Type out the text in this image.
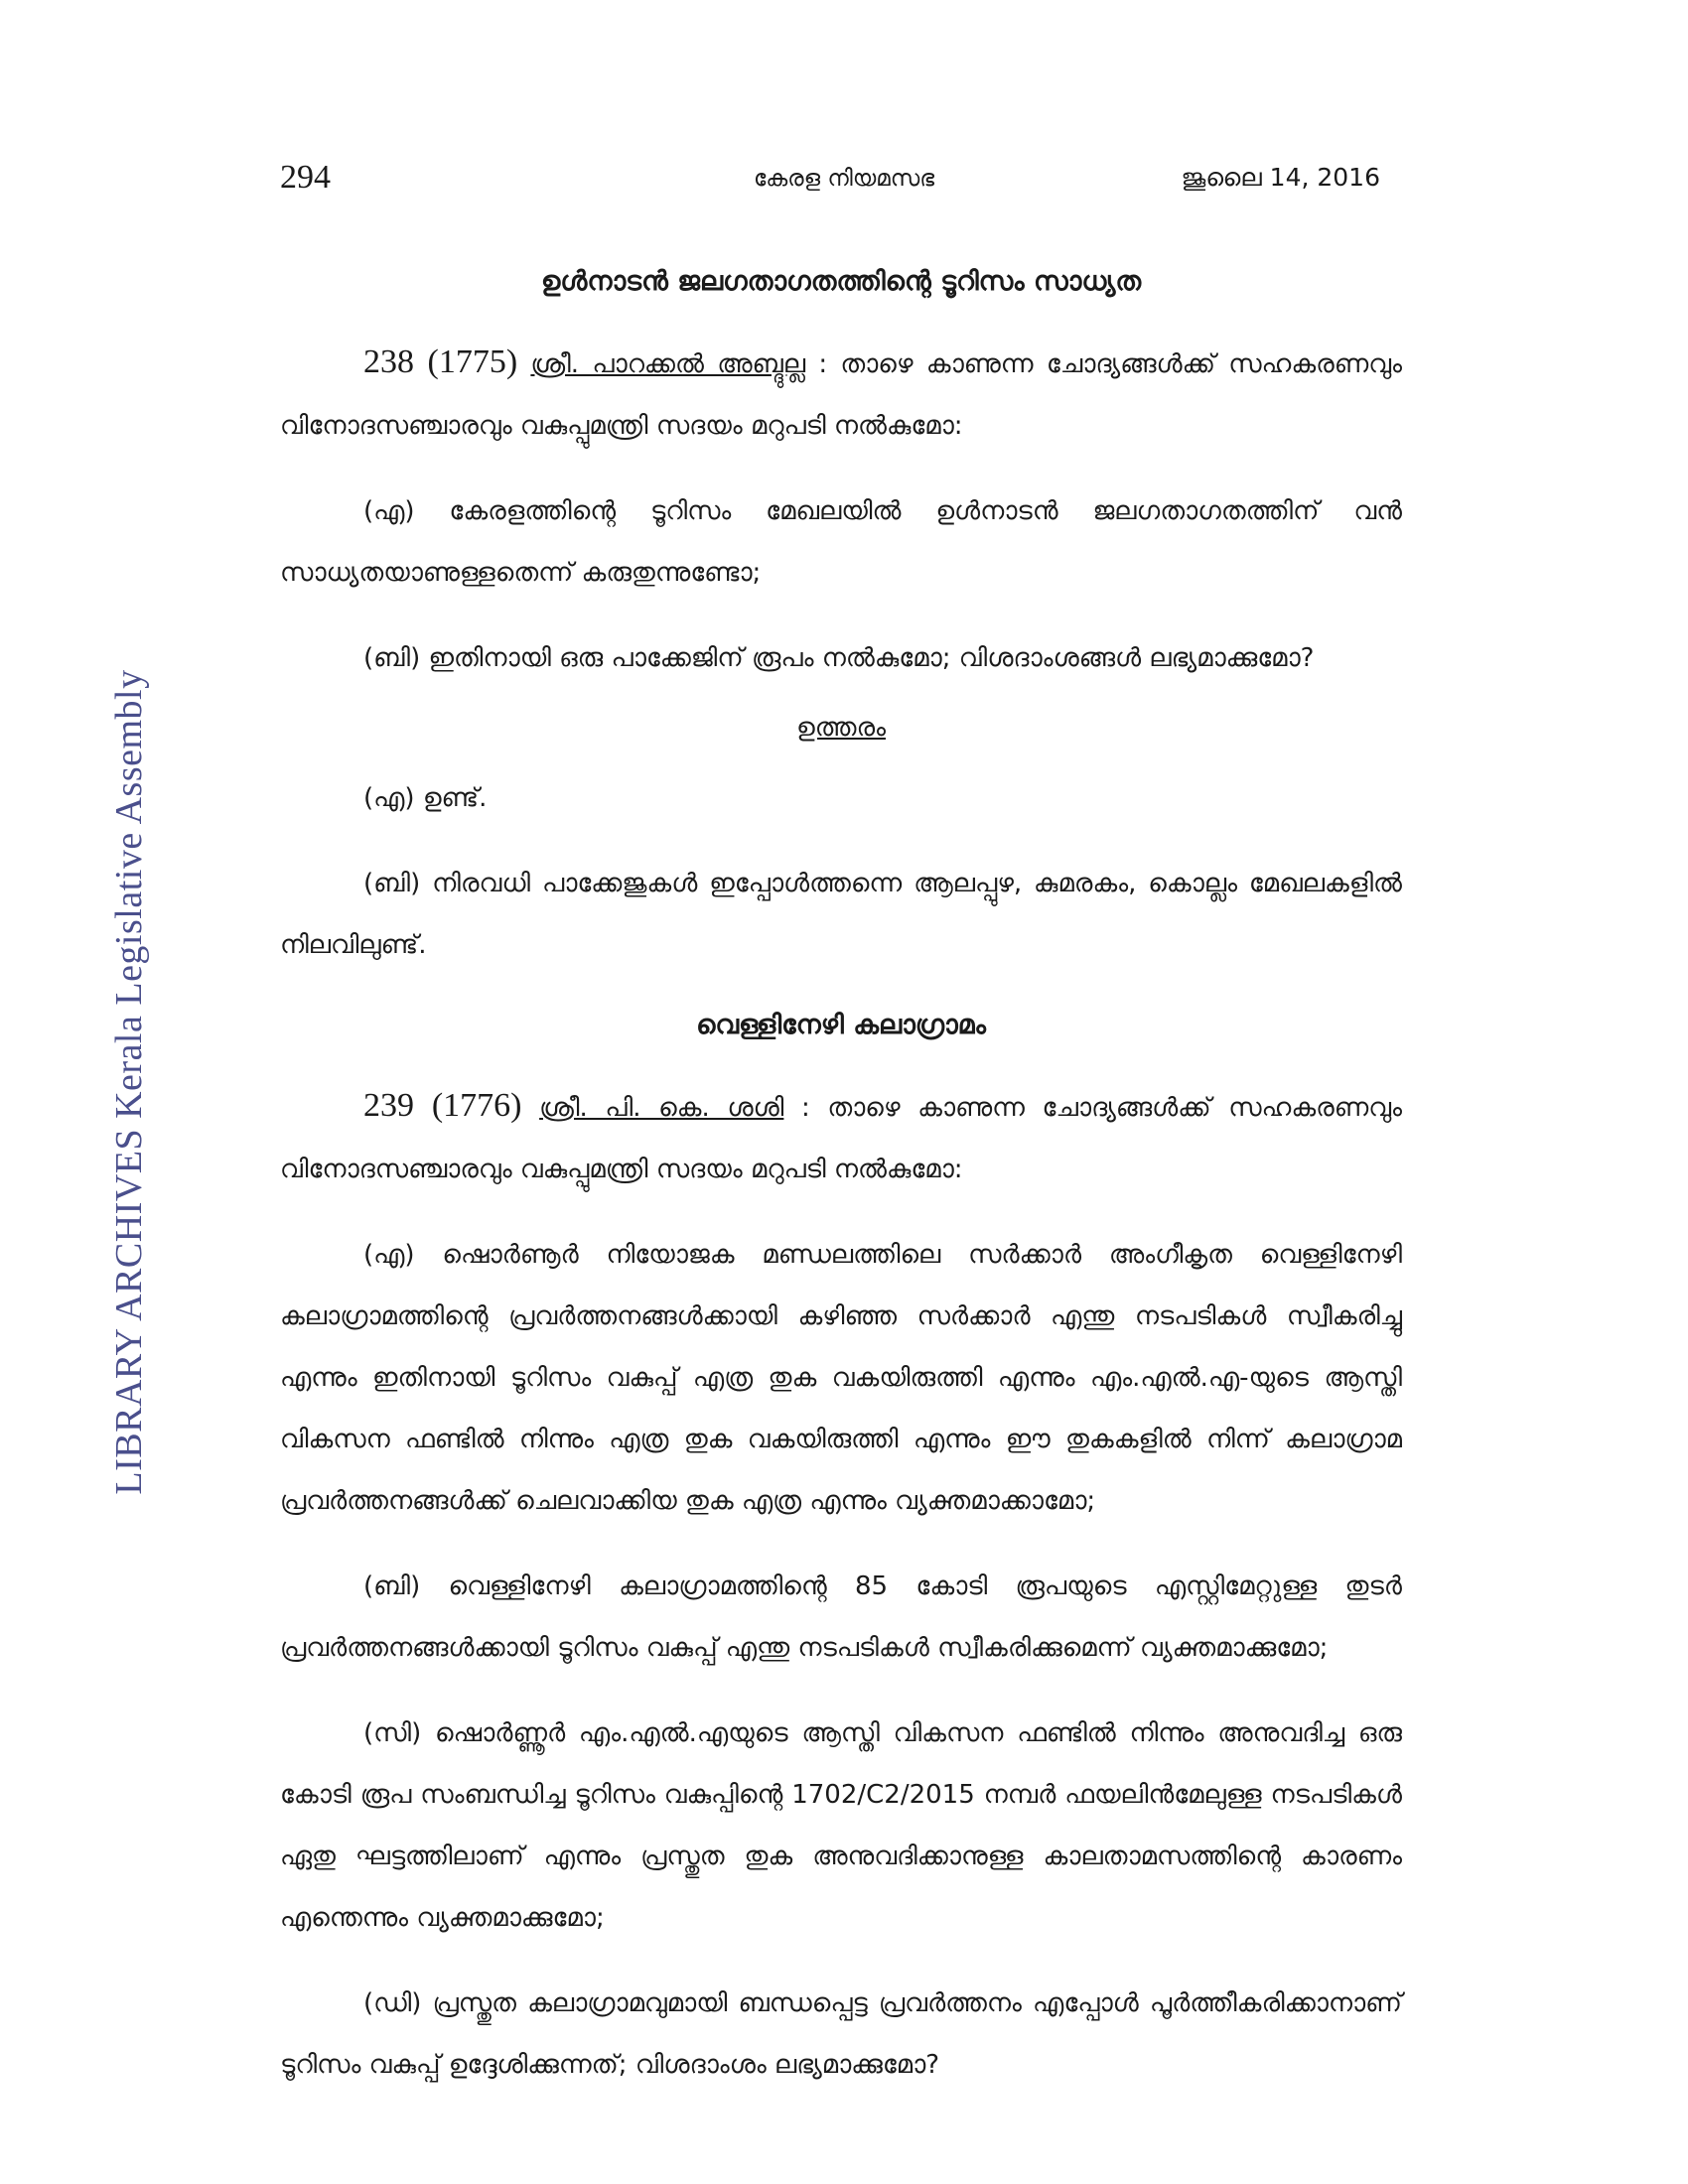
294	കേരള നിയമസഭ	ജൂലൈ 14, 2016
LIBRARY ARCHIVES Kerala Legislative Assembly

ഉൾനാടൻ ജലഗതാഗതത്തിന്റെ ടൂറിസം സാധ്യത

238 (1775) ശ്രീ. പാറക്കൽ അബ്ദുല്ല : താഴെ കാണുന്ന ചോദ്യങ്ങൾക്ക് സഹകരണവും വിനോദസഞ്ചാരവും വകുപ്പുമന്ത്രി സദയം മറുപടി നൽകുമോ:

(എ) കേരളത്തിന്റെ ടൂറിസം മേഖലയിൽ ഉൾനാടൻ ജലഗതാഗതത്തിന് വൻ സാധ്യതയാണുള്ളതെന്ന് കരുതുന്നുണ്ടോ;

(ബി) ഇതിനായി ഒരു പാക്കേജിന് രൂപം നൽകുമോ; വിശദാംശങ്ങൾ ലഭ്യമാക്കുമോ?

ഉത്തരം

(എ) ഉണ്ട്.

(ബി) നിരവധി പാക്കേജുകൾ ഇപ്പോൾത്തന്നെ ആലപ്പുഴ, കുമരകം, കൊല്ലം മേഖലകളിൽ നിലവിലുണ്ട്.

വെള്ളിനേഴി കലാഗ്രാമം

239 (1776) ശ്രീ. പി. കെ. ശശി : താഴെ കാണുന്ന ചോദ്യങ്ങൾക്ക് സഹകരണവും വിനോദസഞ്ചാരവും വകുപ്പുമന്ത്രി സദയം മറുപടി നൽകുമോ:

(എ) ഷൊർണൂർ നിയോജക മണ്ഡലത്തിലെ സർക്കാർ അംഗീകൃത വെള്ളിനേഴി കലാഗ്രാമത്തിന്റെ പ്രവർത്തനങ്ങൾക്കായി കഴിഞ്ഞ സർക്കാർ എന്തു നടപടികൾ സ്വീകരിച്ചു എന്നും ഇതിനായി ടൂറിസം വകുപ്പ് എത്ര തുക വകയിരുത്തി എന്നും എം.എൽ.എ-യുടെ ആസ്തി വികസന ഫണ്ടിൽ നിന്നും എത്ര തുക വകയിരുത്തി എന്നും ഈ തുകകളിൽ നിന്ന് കലാഗ്രാമ പ്രവർത്തനങ്ങൾക്ക് ചെലവാക്കിയ തുക എത്ര എന്നും വ്യക്തമാക്കാമോ;

(ബി) വെള്ളിനേഴി കലാഗ്രാമത്തിന്റെ 85 കോടി രൂപയുടെ എസ്റ്റിമേറ്റുള്ള തുടർ പ്രവർത്തനങ്ങൾക്കായി ടൂറിസം വകുപ്പ് എന്തു നടപടികൾ സ്വീകരിക്കുമെന്ന് വ്യക്തമാക്കുമോ;

(സി) ഷൊർണ്ണൂർ എം.എൽ.എയുടെ ആസ്തി വികസന ഫണ്ടിൽ നിന്നും അനുവദിച്ച ഒരു കോടി രൂപ സംബന്ധിച്ച ടൂറിസം വകുപ്പിന്റെ 1702/C2/2015 നമ്പർ ഫയലിൻമേലുള്ള നടപടികൾ ഏതു ഘട്ടത്തിലാണ് എന്നും പ്രസ്തുത തുക അനുവദിക്കാനുള്ള കാലതാമസത്തിന്റെ കാരണം എന്തെന്നും വ്യക്തമാക്കുമോ;

(ഡി) പ്രസ്തുത കലാഗ്രാമവുമായി ബന്ധപ്പെട്ട പ്രവർത്തനം എപ്പോൾ പൂർത്തീകരിക്കാനാണ് ടൂറിസം വകുപ്പ് ഉദ്ദേശിക്കുന്നത്; വിശദാംശം ലഭ്യമാക്കുമോ?
